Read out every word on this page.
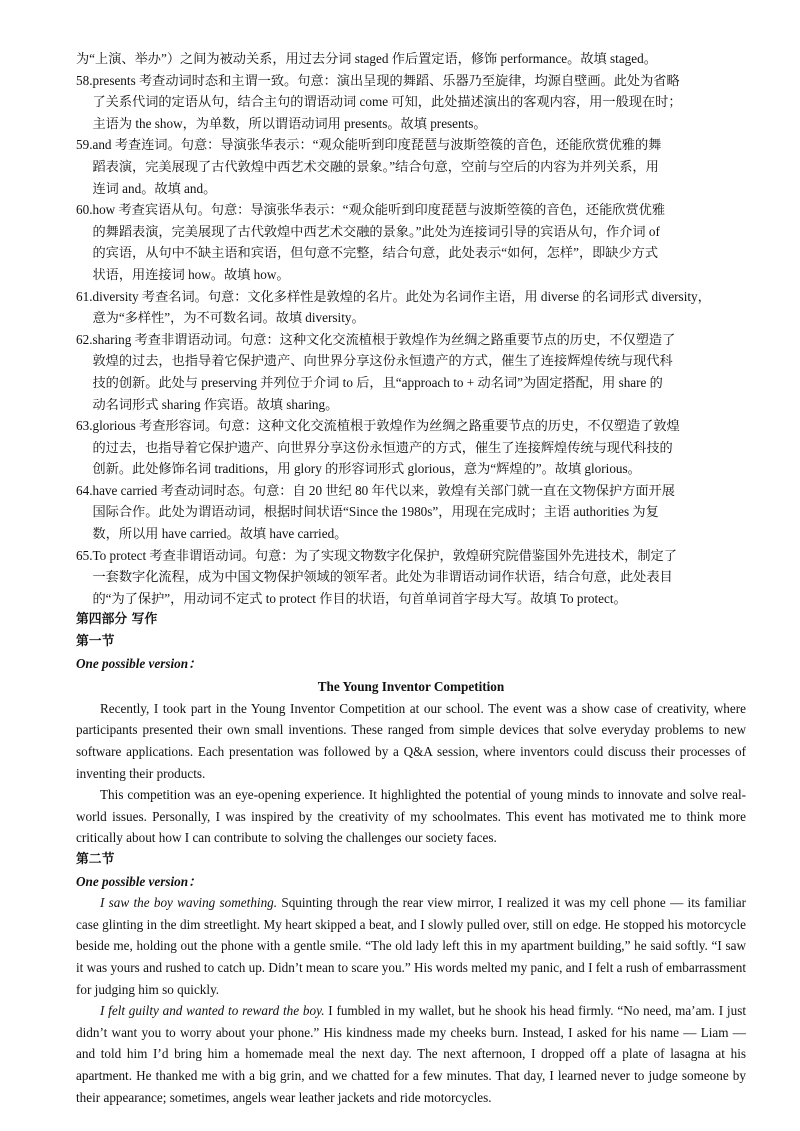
为“上演、举办”）之间为被动关系，用过去分词 staged 作后置定语，修饰 performance。故填 staged。
58. presents 考查动词时态和主谓一致。句意：演出呈现的舞蹈、乐器乃至旋律，均源自壁画。此处为省略
了关系代词的定语从句，结合主句的谓语动词 come 可知，此处描述演出的客观内容，用一般现在时；
主语为 the show，为单数，所以谓语动词用 presents。故填 presents。
59. and 考查连词。句意：导演张华表示：“观众能听到印度琵琶与波斯箜篌的音色，还能欣赏优雅的舞
蹈表演，完美展现了古代敦煌中西艺术交融的景象。”结合句意，空前与空后的内容为并列关系，用
连词 and。故填 and。
60. how 考查宾语从句。句意：导演张华表示：“观众能听到印度琵琶与波斯箜篌的音色，还能欣赏优雅
的舞蹈表演，完美展现了古代敦煌中西艺术交融的景象。”此处为连接词引导的宾语从句，作介词 of
的宾语，从句中不缺主语和宾语，但句意不完整，结合句意，此处表示“如何，怎样”，即缺少方式
状语，用连接词 how。故填 how。
61. diversity 考查名词。句意：文化多样性是敦煌的名片。此处为名词作主语，用 diverse 的名词形式 diversity，
意为“多样性”，为不可数名词。故填 diversity。
62. sharing 考查非谓语动词。句意：这种文化交流植根于敦煌作为丝绸之路重要节点的历史，不仅塑造了
敦煌的过去，也指导着它保护遗产、向世界分享这份永恒遗产的方式，催生了连接辉煌传统与现代科
技的创新。此处与 preserving 并列位于介词 to 后，且“approach to + 动名词”为固定搭配，用 share 的
动名词形式 sharing 作宾语。故填 sharing。
63. glorious 考查形容词。句意：这种文化交流植根于敦煌作为丝绸之路重要节点的历史，不仅塑造了敦煌
的过去，也指导着它保护遗产、向世界分享这份永恒遗产的方式，催生了连接辉煌传统与现代科技的
创新。此处修饰名词 traditions，用 glory 的形容词形式 glorious，意为“辉煌的”。故填 glorious。
64. have carried 考查动词时态。句意：自 20 世纪 80 年代以来，敦煌有关部门就一直在文物保护方面开展
国际合作。此处为谓语动词，根据时间状语“Since the 1980s”，用现在完成时；主语 authorities 为复
数，所以用 have carried。故填 have carried。
65. To protect 考查非谓语动词。句意：为了实现文物数字化保护，敦煌研究院借鉴国外先进技术，制定了
一套数字化流程，成为中国文物保护领域的领军者。此处为非谓语动词作状语，结合句意，此处表目
的“为了保护”，用动词不定式 to protect 作目的状语，句首单词首字母大写。故填 To protect。
第四部分 写作
第一节
One possible version：
The Young Inventor Competition
Recently, I took part in the Young Inventor Competition at our school. The event was a show case of creativity, where participants presented their own small inventions. These ranged from simple devices that solve everyday problems to new software applications. Each presentation was followed by a Q&A session, where inventors could discuss their processes of inventing their products.
This competition was an eye-opening experience. It highlighted the potential of young minds to innovate and solve real-world issues. Personally, I was inspired by the creativity of my schoolmates. This event has motivated me to think more critically about how I can contribute to solving the challenges our society faces.
第二节
One possible version：
I saw the boy waving something. Squinting through the rear view mirror, I realized it was my cell phone — its familiar case glinting in the dim streetlight. My heart skipped a beat, and I slowly pulled over, still on edge. He stopped his motorcycle beside me, holding out the phone with a gentle smile. “The old lady left this in my apartment building,” he said softly. “I saw it was yours and rushed to catch up. Didn’t mean to scare you.” His words melted my panic, and I felt a rush of embarrassment for judging him so quickly.
I felt guilty and wanted to reward the boy. I fumbled in my wallet, but he shook his head firmly. “No need, ma’am. I just didn’t want you to worry about your phone.” His kindness made my cheeks burn. Instead, I asked for his name — Liam — and told him I’d bring him a homemade meal the next day. The next afternoon, I dropped off a plate of lasagna at his apartment. He thanked me with a big grin, and we chatted for a few minutes. That day, I learned never to judge someone by their appearance; sometimes, angels wear leather jackets and ride motorcycles.
